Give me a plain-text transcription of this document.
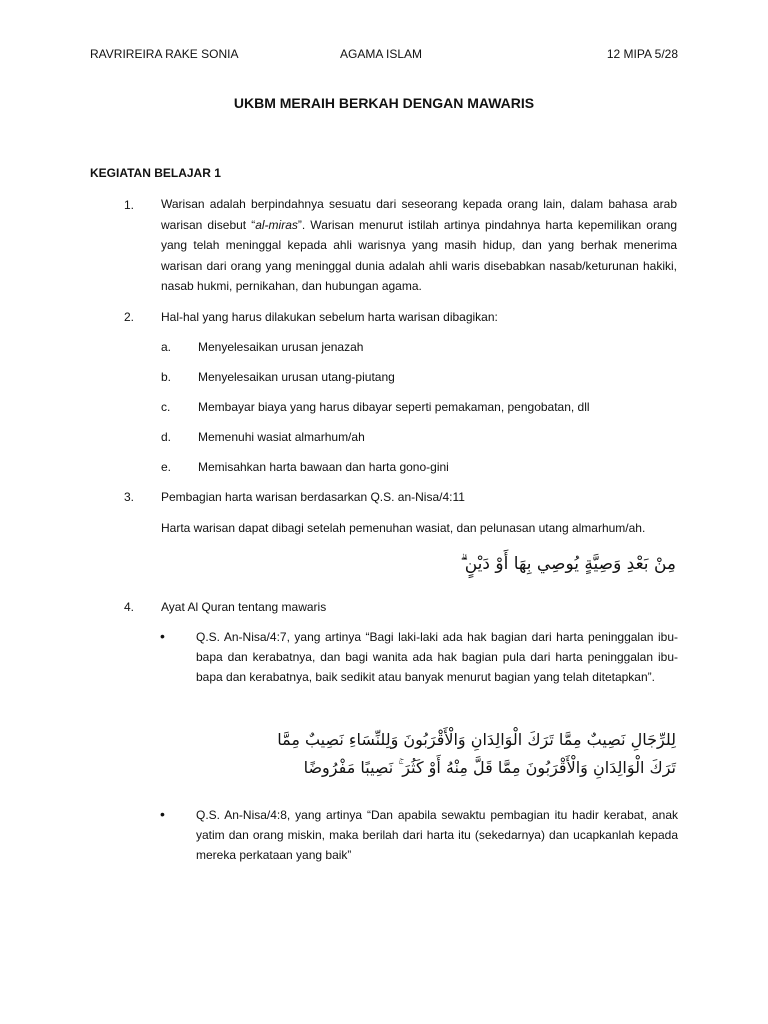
RAVRIREIRA RAKE SONIA	AGAMA ISLAM	12 MIPA 5/28
UKBM MERAIH BERKAH DENGAN MAWARIS
KEGIATAN BELAJAR 1
1. Warisan adalah berpindahnya sesuatu dari seseorang kepada orang lain, dalam bahasa arab warisan disebut “al-miras”. Warisan menurut istilah artinya pindahnya harta kepemilikan orang yang telah meninggal kepada ahli warisnya yang masih hidup, dan yang berhak menerima warisan dari orang yang meninggal dunia adalah ahli waris disebabkan nasab/keturunan hakiki, nasab hukmi, pernikahan, dan hubungan agama.
2. Hal-hal yang harus dilakukan sebelum harta warisan dibagikan:
a. Menyelesaikan urusan jenazah
b. Menyelesaikan urusan utang-piutang
c. Membayar biaya yang harus dibayar seperti pemakaman, pengobatan, dll
d. Memenuhi wasiat almarhum/ah
e. Memisahkan harta bawaan dan harta gono-gini
3. Pembagian harta warisan berdasarkan Q.S. an-Nisa/4:11
Harta warisan dapat dibagi setelah pemenuhan wasiat, dan pelunasan utang almarhum/ah.
مِنْ بَعْدِ وَصِيَّةٍ يُوصِي بِهَا أَوْ دَيْنٍ ۗ
4. Ayat Al Quran tentang mawaris
•	Q.S. An-Nisa/4:7, yang artinya “Bagi laki-laki ada hak bagian dari harta peninggalan ibu-bapa dan kerabatnya, dan bagi wanita ada hak bagian pula dari harta peninggalan ibu-bapa dan kerabatnya, baik sedikit atau banyak menurut bagian yang telah ditetapkan”.
لِلرِّجَالِ نَصِيبٌ مِمَّا تَرَكَ الْوَالِدَانِ وَالْأَقْرَبُونَ وَلِلنِّسَاءِ نَصِيبٌ مِمَّا
تَرَكَ الْوَالِدَانِ وَالْأَقْرَبُونَ مِمَّا قَلَّ مِنْهُ أَوْ كَثُرَ ۚ نَصِيبًا مَفْرُوضًا
•	Q.S. An-Nisa/4:8, yang artinya “Dan apabila sewaktu pembagian itu hadir kerabat, anak yatim dan orang miskin, maka berilah dari harta itu (sekedarnya) dan ucapkanlah kepada mereka perkataan yang baik”
